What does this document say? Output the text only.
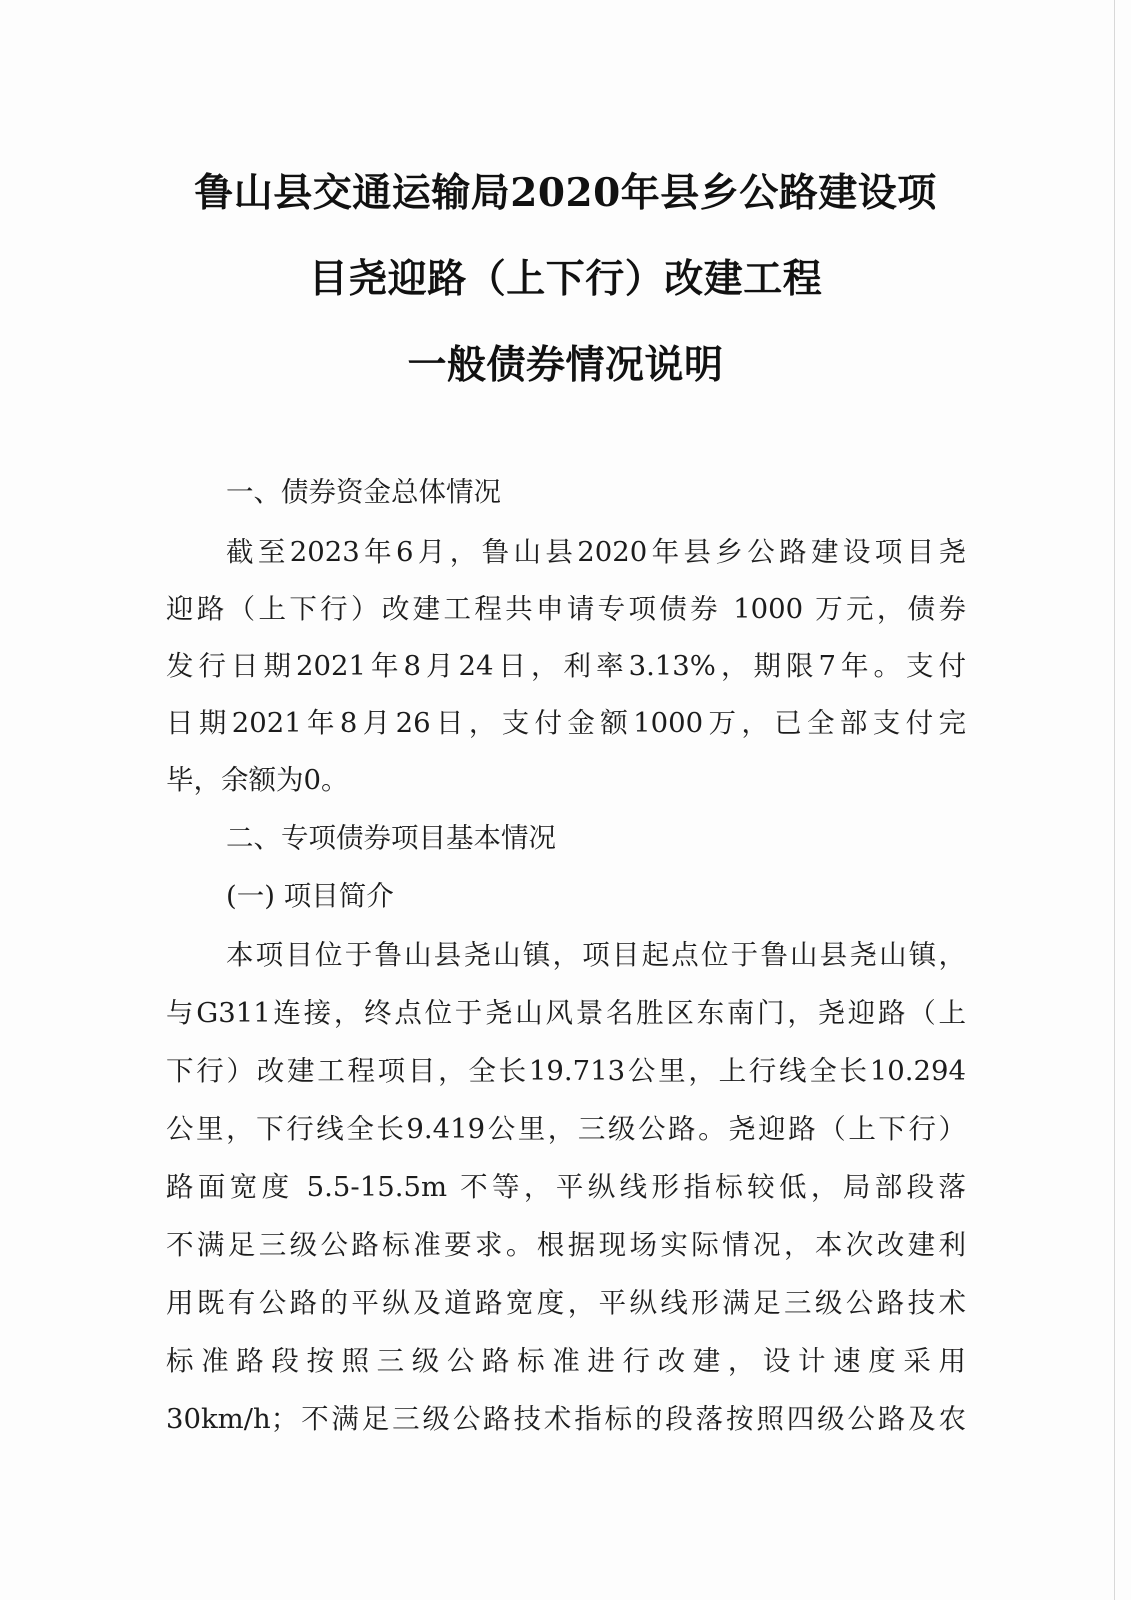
鲁山县交通运输局2020年县乡公路建设项
目尧迎路（上下行）改建工程
一般债券情况说明
一、债券资金总体情况
截至2023年6月，鲁山县2020年县乡公路建设项目尧
迎路（上下行）改建工程共申请专项债券 1000 万元，债券
发行日期2021年8月24日，利率3.13%，期限7年。支付
日期2021年8月26日，支付金额1000万，已全部支付完
毕，余额为0。
二、专项债券项目基本情况
(一) 项目简介
本项目位于鲁山县尧山镇，项目起点位于鲁山县尧山镇，
与G311连接，终点位于尧山风景名胜区东南门，尧迎路（上
下行）改建工程项目，全长19.713公里，上行线全长10.294
公里，下行线全长9.419公里，三级公路。尧迎路（上下行）
路面宽度 5.5-15.5m 不等，平纵线形指标较低，局部段落
不满足三级公路标准要求。根据现场实际情况，本次改建利
用既有公路的平纵及道路宽度，平纵线形满足三级公路技术
标准路段按照三级公路标准进行改建，设计速度采用
30km/h；不满足三级公路技术指标的段落按照四级公路及农
